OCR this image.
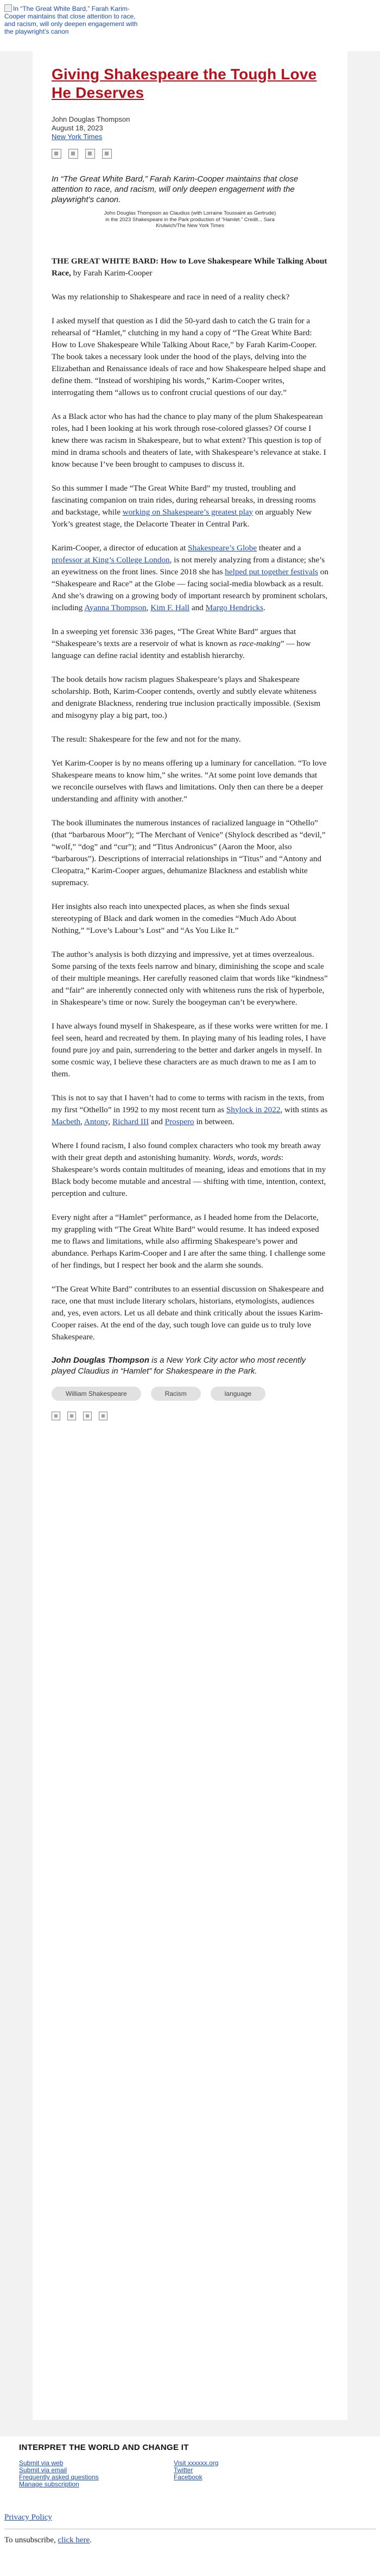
In “The Great White Bard,” Farah Karim-Cooper maintains that close attention to race, and racism, will only deepen engagement with the playwright’s canon
Giving Shakespeare the Tough Love He Deserves
John Douglas Thompson
August 18, 2023
New York Times

In “The Great White Bard,” Farah Karim-Cooper maintains that close attention to race, and racism, will only deepen engagement with the playwright’s canon.

John Douglas Thompson as Claudius (with Lorraine Toussaint as Gertrude) in the 2023 Shakespeare in the Park production of “Hamlet.” Credit... Sara Krulwich/The New York Times

THE GREAT WHITE BARD: How to Love Shakespeare While Talking About Race, by Farah Karim-Cooper

Was my relationship to Shakespeare and race in need of a reality check?

I asked myself that question as I did the 50-yard dash to catch the G train for a rehearsal of “Hamlet,” clutching in my hand a copy of “The Great White Bard: How to Love Shakespeare While Talking About Race,” by Farah Karim-Cooper. The book takes a necessary look under the hood of the plays, delving into the Elizabethan and Renaissance ideals of race and how Shakespeare helped shape and define them. “Instead of worshiping his words,” Karim-Cooper writes, interrogating them “allows us to confront crucial questions of our day.”

As a Black actor who has had the chance to play many of the plum Shakespearean roles, had I been looking at his work through rose-colored glasses? Of course I knew there was racism in Shakespeare, but to what extent? This question is top of mind in drama schools and theaters of late, with Shakespeare’s relevance at stake. I know because I’ve been brought to campuses to discuss it.

So this summer I made “The Great White Bard” my trusted, troubling and fascinating companion on train rides, during rehearsal breaks, in dressing rooms and backstage, while working on Shakespeare’s greatest play on arguably New York’s greatest stage, the Delacorte Theater in Central Park.

Karim-Cooper, a director of education at Shakespeare’s Globe theater and a professor at King’s College London, is not merely analyzing from a distance; she’s an eyewitness on the front lines. Since 2018 she has helped put together festivals on “Shakespeare and Race” at the Globe — facing social-media blowback as a result. And she’s drawing on a growing body of important research by prominent scholars, including Ayanna Thompson, Kim F. Hall and Margo Hendricks.

In a sweeping yet forensic 336 pages, “The Great White Bard” argues that “Shakespeare’s texts are a reservoir of what is known as race-making” — how language can define racial identity and establish hierarchy.

The book details how racism plagues Shakespeare’s plays and Shakespeare scholarship. Both, Karim-Cooper contends, overtly and subtly elevate whiteness and denigrate Blackness, rendering true inclusion practically impossible. (Sexism and misogyny play a big part, too.)

The result: Shakespeare for the few and not for the many.

Yet Karim-Cooper is by no means offering up a luminary for cancellation. “To love Shakespeare means to know him,” she writes. “At some point love demands that we reconcile ourselves with flaws and limitations. Only then can there be a deeper understanding and affinity with another.”

The book illuminates the numerous instances of racialized language in “Othello” (that “barbarous Moor”); “The Merchant of Venice” (Shylock described as “devil,” “wolf,” “dog” and “cur”); and “Titus Andronicus” (Aaron the Moor, also “barbarous”). Descriptions of interracial relationships in “Titus” and “Antony and Cleopatra,” Karim-Cooper argues, dehumanize Blackness and establish white supremacy.

Her insights also reach into unexpected places, as when she finds sexual stereotyping of Black and dark women in the comedies “Much Ado About Nothing,” “Love’s Labour’s Lost” and “As You Like It.”

The author’s analysis is both dizzying and impressive, yet at times overzealous. Some parsing of the texts feels narrow and binary, diminishing the scope and scale of their multiple meanings. Her carefully reasoned claim that words like “kindness” and “fair” are inherently connected only with whiteness runs the risk of hyperbole, in Shakespeare’s time or now. Surely the boogeyman can’t be everywhere.

I have always found myself in Shakespeare, as if these works were written for me. I feel seen, heard and recreated by them. In playing many of his leading roles, I have found pure joy and pain, surrendering to the better and darker angels in myself. In some cosmic way, I believe these characters are as much drawn to me as I am to them.

This is not to say that I haven’t had to come to terms with racism in the texts, from my first “Othello” in 1992 to my most recent turn as Shylock in 2022, with stints as Macbeth, Antony, Richard III and Prospero in between.

Where I found racism, I also found complex characters who took my breath away with their great depth and astonishing humanity. Words, words, words: Shakespeare’s words contain multitudes of meaning, ideas and emotions that in my Black body become mutable and ancestral — shifting with time, intention, context, perception and culture.

Every night after a “Hamlet” performance, as I headed home from the Delacorte, my grappling with “The Great White Bard” would resume. It has indeed exposed me to flaws and limitations, while also affirming Shakespeare’s power and abundance. Perhaps Karim-Cooper and I are after the same thing. I challenge some of her findings, but I respect her book and the alarm she sounds.

“The Great White Bard” contributes to an essential discussion on Shakespeare and race, one that must include literary scholars, historians, etymologists, audiences and, yes, even actors. Let us all debate and think critically about the issues Karim-Cooper raises. At the end of the day, such tough love can guide us to truly love Shakespeare.

John Douglas Thompson is a New York City actor who most recently played Claudius in “Hamlet” for Shakespeare in the Park.
William Shakespeare	Racism	language

INTERPRET THE WORLD AND CHANGE IT
Submit via web
Submit via email
Frequently asked questions
Manage subscription
Visit xxxxxx.org
Twitter
Facebook
Privacy Policy
To unsubscribe, click here.
